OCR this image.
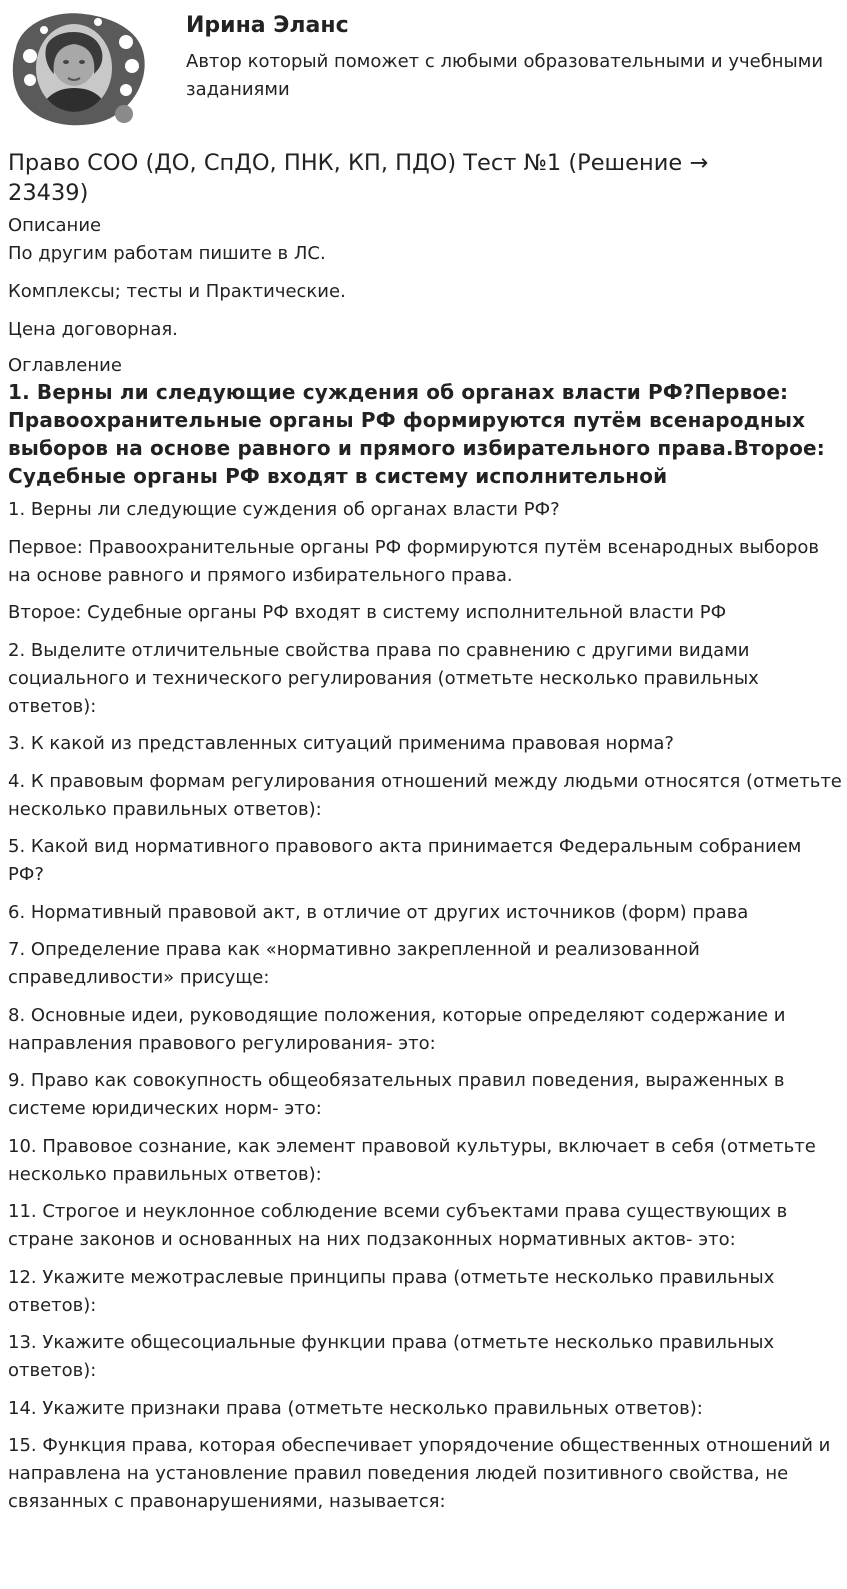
Ирина Эланс
Автор который поможет с любыми образовательными и учебными заданиями
Право СОО (ДО, СпДО, ПНК, КП, ПДО) Тест №1 (Решение → 23439)
Описание

По другим работам пишите в ЛС.

Комплексы; тесты и Практические.

Цена договорная.

Оглавление
1. Верны ли следующие суждения об органах власти РФ?Первое: Правоохранительные органы РФ формируются путём всенародных выборов на основе равного и прямого избирательного права.Второе: Судебные органы РФ входят в систему исполнительной

1. Верны ли следующие суждения об органах власти РФ?

Первое: Правоохранительные органы РФ формируются путём всенародных выборов на основе равного и прямого избирательного права.

Второе: Судебные органы РФ входят в систему исполнительной власти РФ

2. Выделите отличительные свойства права по сравнению с другими видами социального и технического регулирования (отметьте несколько правильных ответов):

3. К какой из представленных ситуаций применима правовая норма?

4. К правовым формам регулирования отношений между людьми относятся (отметьте несколько правильных ответов):

5. Какой вид нормативного правового акта принимается Федеральным собранием РФ?

6. Нормативный правовой акт, в отличие от других источников (форм) права

7. Определение права как «нормативно закрепленной и реализованной справедливости» присуще:

8. Основные идеи, руководящие положения, которые определяют содержание и направления правового регулирования- это:

9. Право как совокупность общеобязательных правил поведения, выраженных в системе юридических норм- это:

10. Правовое сознание, как элемент правовой культуры, включает в себя (отметьте несколько правильных ответов):

11. Строгое и неуклонное соблюдение всеми субъектами права существующих в стране законов и основанных на них подзаконных нормативных актов- это:

12. Укажите межотраслевые принципы права (отметьте несколько правильных ответов):

13. Укажите общесоциальные функции права (отметьте несколько правильных ответов):

14. Укажите признаки права (отметьте несколько правильных ответов):

15. Функция права, которая обеспечивает упорядочение общественных отношений и направлена на установление правил поведения людей позитивного свойства, не связанных с правонарушениями, называется:
